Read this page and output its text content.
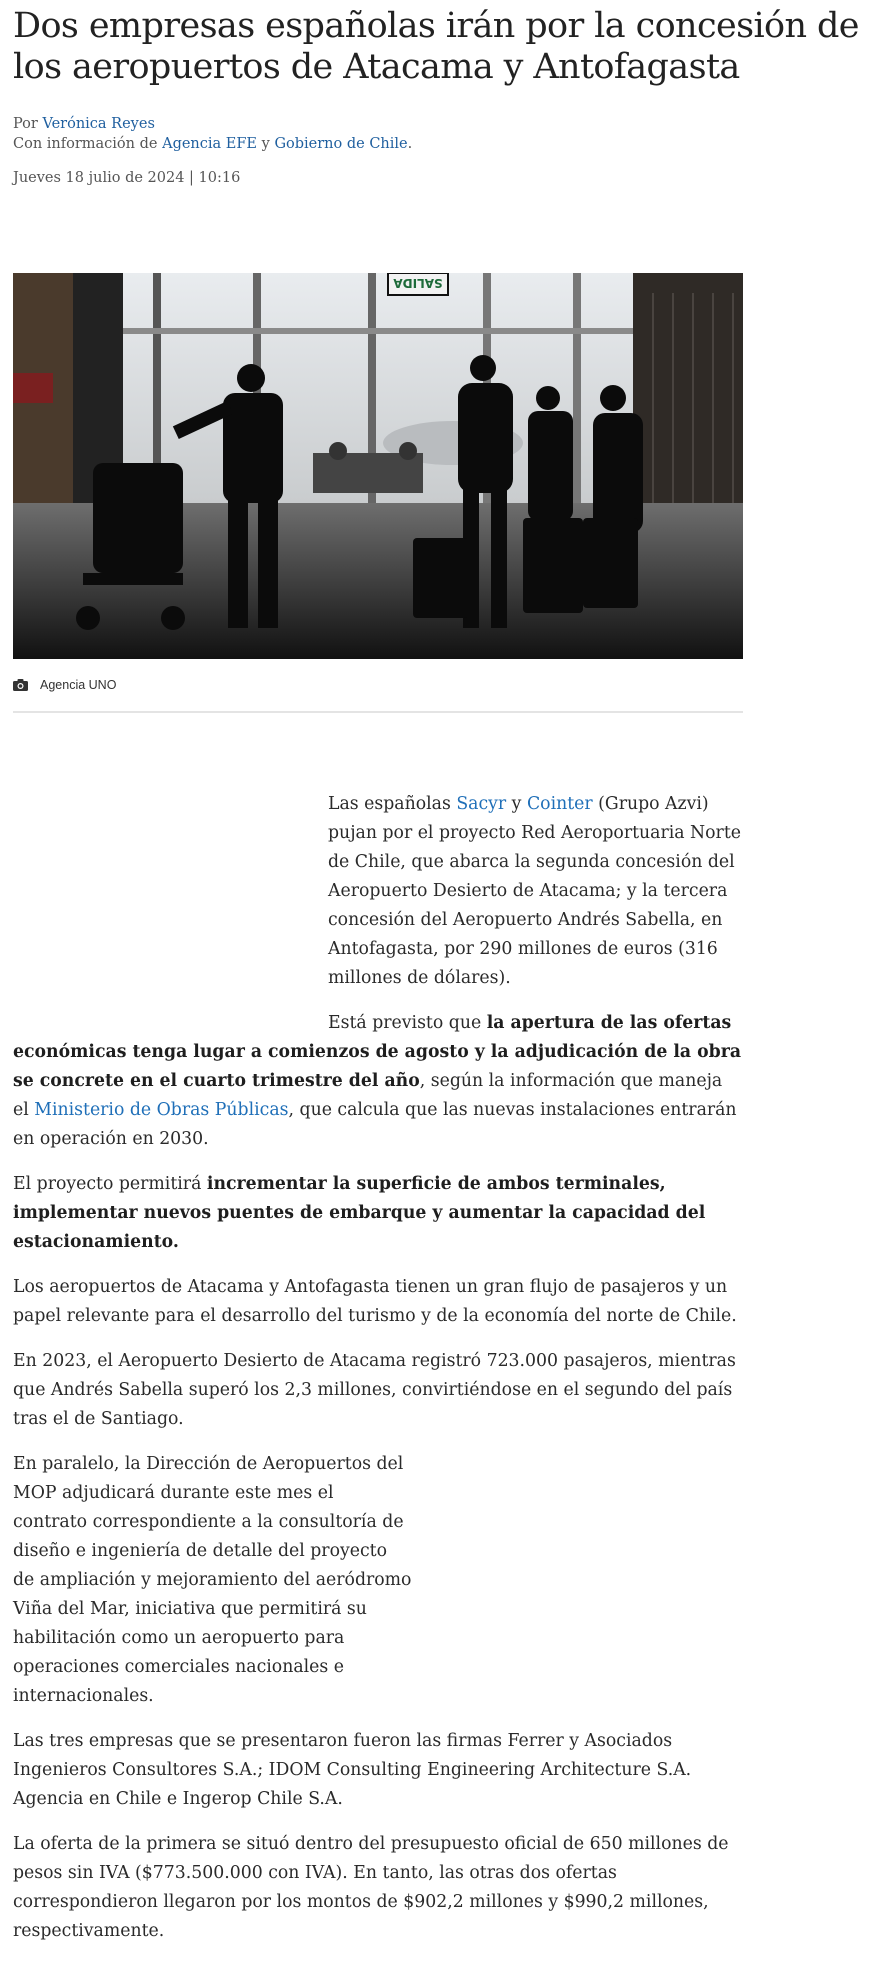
Dos empresas españolas irán por la concesión de los aeropuertos de Atacama y Antofagasta
Por Verónica Reyes
Con información de Agencia EFE y Gobierno de Chile.
Jueves 18 julio de 2024 | 10:16
SALIDA
Agencia UNO

Las españolas Sacyr y Cointer (Grupo Azvi) pujan por el proyecto Red Aeroportuaria Norte de Chile, que abarca la segunda concesión del Aeropuerto Desierto de Atacama; y la tercera concesión del Aeropuerto Andrés Sabella, en Antofagasta, por 290 millones de euros (316 millones de dólares).

Está previsto que la apertura de las ofertas económicas tenga lugar a comienzos de agosto y la adjudicación de la obra se concrete en el cuarto trimestre del año, según la información que maneja el Ministerio de Obras Públicas, que calcula que las nuevas instalaciones entrarán en operación en 2030.

El proyecto permitirá incrementar la superficie de ambos terminales, implementar nuevos puentes de embarque y aumentar la capacidad del estacionamiento.

Los aeropuertos de Atacama y Antofagasta tienen un gran flujo de pasajeros y un papel relevante para el desarrollo del turismo y de la economía del norte de Chile.

En 2023, el Aeropuerto Desierto de Atacama registró 723.000 pasajeros, mientras que Andrés Sabella superó los 2,3 millones, convirtiéndose en el segundo del país tras el de Santiago.

En paralelo, la Dirección de Aeropuertos del MOP adjudicará durante este mes el contrato correspondiente a la consultoría de diseño e ingeniería de detalle del proyecto de ampliación y mejoramiento del aeródromo Viña del Mar, iniciativa que permitirá su habilitación como un aeropuerto para operaciones comerciales nacionales e internacionales.

Las tres empresas que se presentaron fueron las firmas Ferrer y Asociados Ingenieros Consultores S.A.; IDOM Consulting Engineering Architecture S.A. Agencia en Chile e Ingerop Chile S.A.

La oferta de la primera se situó dentro del presupuesto oficial de 650 millones de pesos sin IVA ($773.500.000 con IVA). En tanto, las otras dos ofertas correspondieron llegaron por los montos de $902,2 millones y $990,2 millones, respectivamente.
